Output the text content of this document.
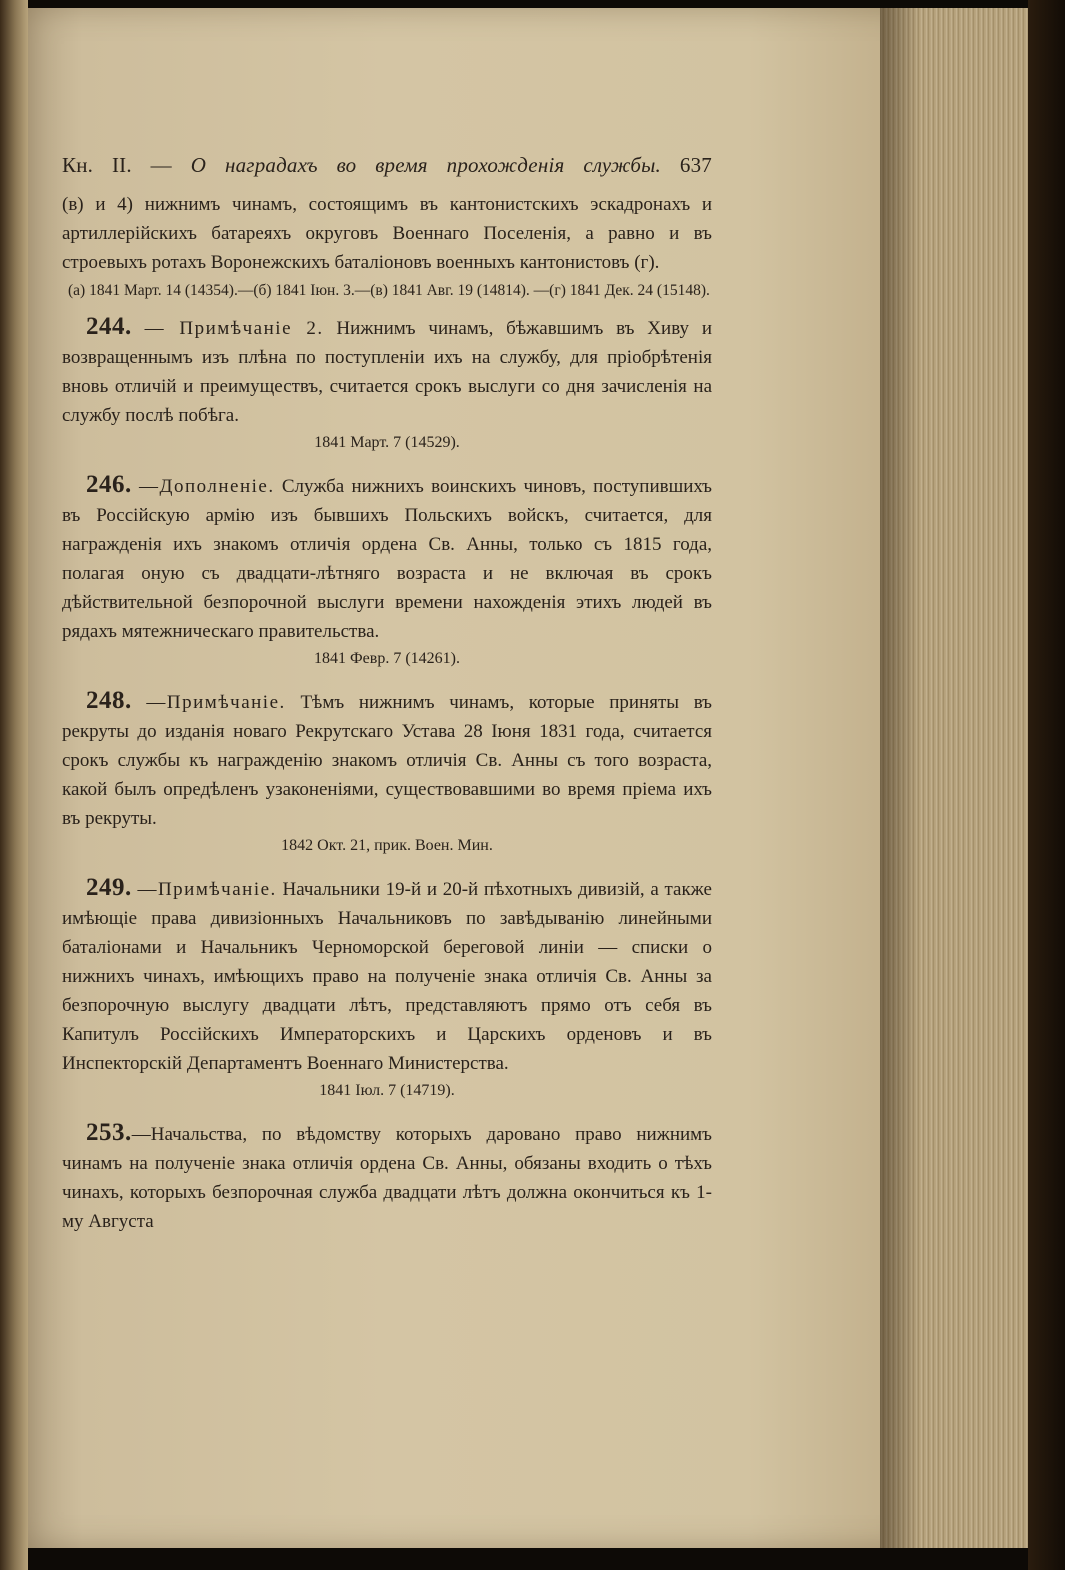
Кн. II. — О наградахъ во время прохожденія службы. 637

(в) и 4) нижнимъ чинамъ, состоящимъ въ кантонистскихъ эскадронахъ и артиллерійскихъ батареяхъ округовъ Военнаго Поселенія, а равно и въ строевыхъ ротахъ Воронежскихъ баталіоновъ военныхъ кантонистовъ (г).

(а) 1841 Март. 14 (14354).—(б) 1841 Іюн. 3.—(в) 1841 Авг. 19 (14814). —(г) 1841 Дек. 24 (15148).

244. — Примѣчаніе 2. Нижнимъ чинамъ, бѣжавшимъ въ Хиву и возвращеннымъ изъ плѣна по поступленіи ихъ на службу, для пріобрѣтенія вновь отличій и преимуществъ, считается срокъ выслуги со дня зачисленія на службу послѣ побѣга.

1841 Март. 7 (14529).

246. —Дополненіе. Служба нижнихъ воинскихъ чиновъ, поступившихъ въ Россійскую армію изъ бывшихъ Польскихъ войскъ, считается, для награжденія ихъ знакомъ отличія ордена Св. Анны, только съ 1815 года, полагая оную съ двадцати-лѣтняго возраста и не включая въ срокъ дѣйствительной безпорочной выслуги времени нахожденія этихъ людей въ рядахъ мятежническаго правительства.

1841 Февр. 7 (14261).

248. —Примѣчаніе. Тѣмъ нижнимъ чинамъ, которые приняты въ рекруты до изданія новаго Рекрутскаго Устава 28 Іюня 1831 года, считается срокъ службы къ награжденію знакомъ отличія Св. Анны съ того возраста, какой былъ опредѣленъ узаконеніями, существовавшими во время пріема ихъ въ рекруты.

1842 Окт. 21, прик. Воен. Мин.

249. —Примѣчаніе. Начальники 19-й и 20-й пѣхотныхъ дивизій, а также имѣющіе права дивизіонныхъ Начальниковъ по завѣдыванію линейными баталіонами и Начальникъ Черноморской береговой линіи — списки о нижнихъ чинахъ, имѣющихъ право на полученіе знака отличія Св. Анны за безпорочную выслугу двадцати лѣтъ, представляютъ прямо отъ себя въ Капитулъ Россійскихъ Императорскихъ и Царскихъ орденовъ и въ Инспекторскій Департаментъ Военнаго Министерства.

1841 Іюл. 7 (14719).

253.—Начальства, по вѣдомству которыхъ даровано право нижнимъ чинамъ на полученіе знака отличія ордена Св. Анны, обязаны входить о тѣхъ чинахъ, которыхъ безпорочная служба двадцати лѣтъ должна окончиться къ 1-му Августа
